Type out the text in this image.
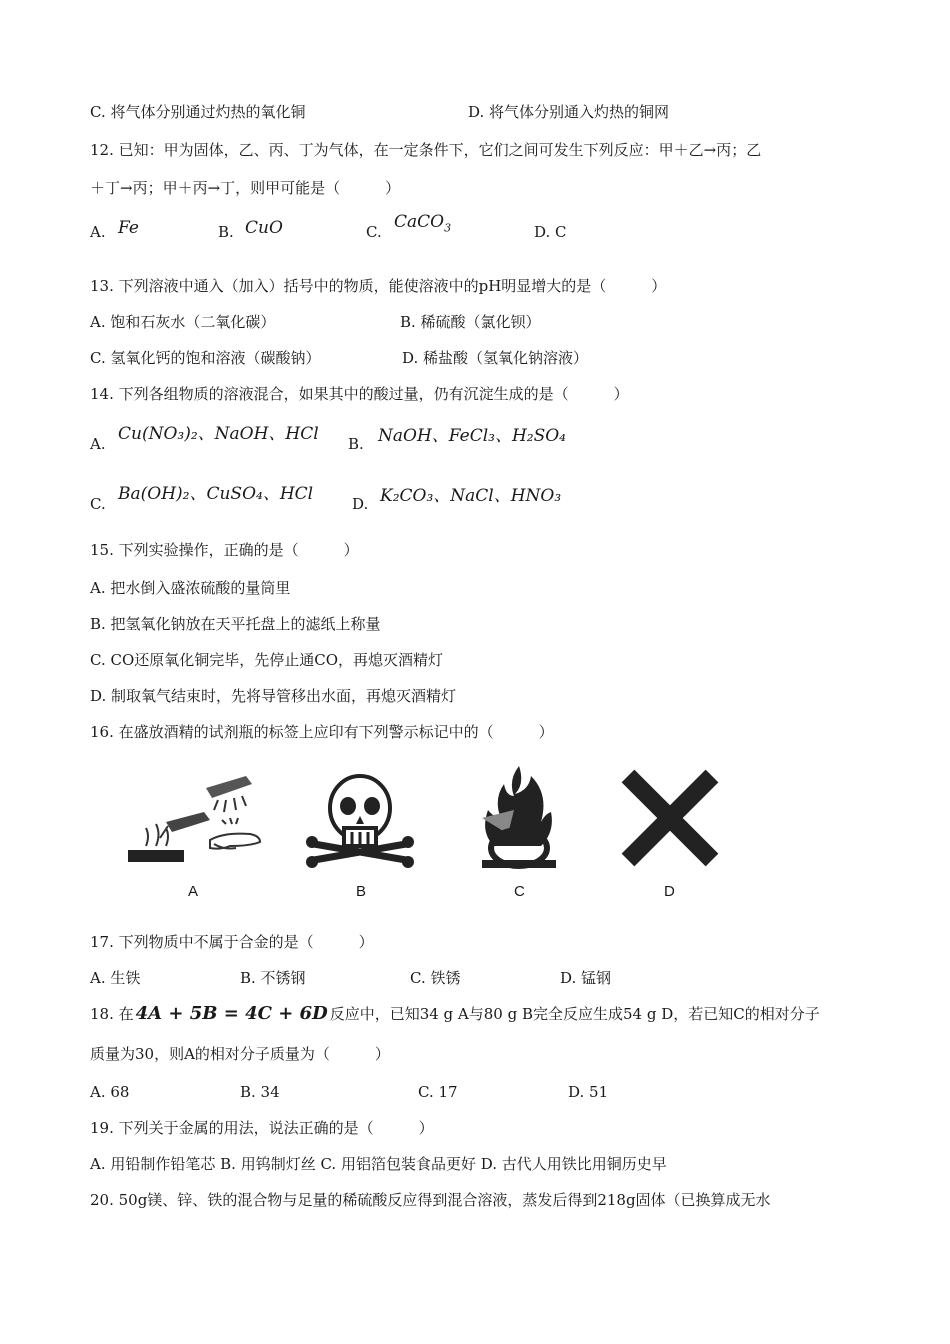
C. 将气体分别通过灼热的氧化铜	D. 将气体分别通入灼热的铜网
12. 已知：甲为固体，乙、丙、丁为气体，在一定条件下，它们之间可发生下列反应：甲＋乙→丙；乙
＋丁→丙；甲＋丙→丁，则甲可能是（　　　）
A. Fe	B. CuO	C. CaCO$_3$	D. C
13. 下列溶液中通入（加入）括号中的物质，能使溶液中的pH明显增大的是（　　　）
A. 饱和石灰水（二氧化碳）	B. 稀硫酸（氯化钡）
C. 氢氧化钙的饱和溶液（碳酸钠）	D. 稀盐酸（氢氧化钠溶液）
14. 下列各组物质的溶液混合，如果其中的酸过量，仍有沉淀生成的是（　　　）
A. Cu(NO₃)₂、NaOH、HCl B. NaOH、FeCl₃、H₂SO₄
C. Ba(OH)₂、CuSO₄、HCl	D. K₂CO₃、NaCl、HNO₃
15. 下列实验操作，正确的是（　　　）
A. 把水倒入盛浓硫酸的量筒里
B. 把氢氧化钠放在天平托盘上的滤纸上称量
C. CO还原氧化铜完毕，先停止通CO，再熄灭酒精灯
D. 制取氧气结束时，先将导管移出水面，再熄灭酒精灯
16. 在盛放酒精的试剂瓶的标签上应印有下列警示标记中的（　　　）
A	B	C	D
17. 下列物质中不属于合金的是（　　　）
A. 生铁	B. 不锈钢	C. 铁锈	D. 锰钢
18. 在 4A + 5B = 4C + 6D 反应中，已知34 g A与80 g B完全反应生成54 g D，若已知C的相对分子
质量为30，则A的相对分子质量为（　　　）
A. 68	B. 34	C. 17	D. 51
19. 下列关于金属的用法，说法正确的是（　　　）
A. 用铅制作铅笔芯 B. 用钨制灯丝 C. 用铝箔包装食品更好 D. 古代人用铁比用铜历史早
20. 50g镁、锌、铁的混合物与足量的稀硫酸反应得到混合溶液，蒸发后得到218g固体（已换算成无水
